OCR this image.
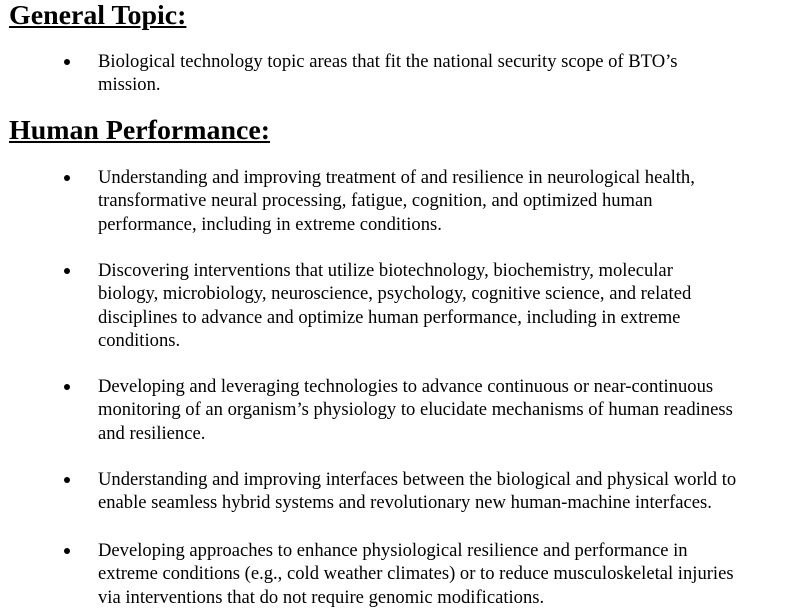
General Topic:
Biological technology topic areas that fit the national security scope of BTO’s
mission.
Human Performance:
Understanding and improving treatment of and resilience in neurological health,
transformative neural processing, fatigue, cognition, and optimized human
performance, including in extreme conditions.
Discovering interventions that utilize biotechnology, biochemistry, molecular
biology, microbiology, neuroscience, psychology, cognitive science, and related
disciplines to advance and optimize human performance, including in extreme
conditions.
Developing and leveraging technologies to advance continuous or near-continuous
monitoring of an organism’s physiology to elucidate mechanisms of human readiness
and resilience.
Understanding and improving interfaces between the biological and physical world to
enable seamless hybrid systems and revolutionary new human-machine interfaces.
Developing approaches to enhance physiological resilience and performance in
extreme conditions (e.g., cold weather climates) or to reduce musculoskeletal injuries
via interventions that do not require genomic modifications.
